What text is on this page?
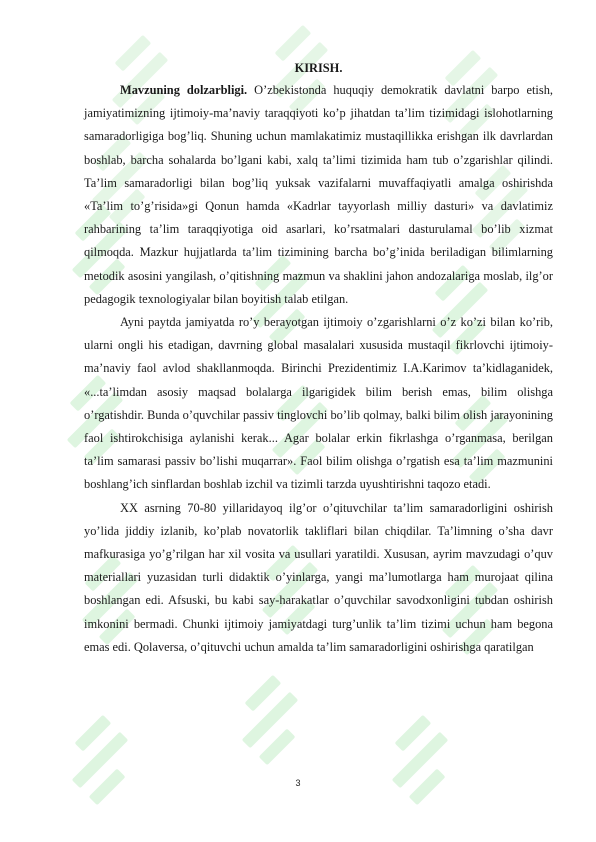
KIRISH.

Mavzuning dolzarbligi. O’zbekistonda huquqiy demokratik davlatni barpo etish, jamiyatimizning ijtimoiy-ma’naviy taraqqiyoti ko’p jihatdan ta’lim tizimidagi islohotlarning samaradorligiga bog’liq. Shuning uchun mamlakatimiz mustaqillikka erishgan ilk davrlardan boshlab, barcha sohalarda bo’lgani kabi, xalq ta’limi tizimida ham tub o’zgarishlar qilindi. Ta’lim samaradorligi bilan bog’liq yuksak vazifalarni muvaffaqiyatli amalga oshirishda «Ta’lim to’g’risida»gi Qonun hamda «Kadrlar tayyorlash milliy dasturi» va davlatimiz rahbarining ta’lim taraqqiyotiga oid asarlari, ko’rsatmalari dasturulamal bo’lib xizmat qilmoqda. Mazkur hujjatlarda ta’lim tizimining barcha bo’g’inida beriladigan bilimlarning metodik asosini yangilash, o’qitishning mazmun va shaklini jahon andozalariga moslab, ilg’or pedagogik texnologiyalar bilan boyitish talab etilgan.

Ayni paytda jamiyatda ro’y berayotgan ijtimoiy o’zgarishlarni o’z ko’zi bilan ko’rib, ularni ongli his etadigan, davrning global masalalari xususida mustaqil fikrlovchi ijtimoiy-ma’naviy faol avlod shakllanmoqda. Birinchi Prezidentimiz I.A.Karimov ta’kidlaganidek, «...ta’limdan asosiy maqsad bolalarga ilgarigidek bilim berish emas, bilim olishga o’rgatishdir. Bunda o’quvchilar passiv tinglovchi bo’lib qolmay, balki bilim olish jarayonining faol ishtirokchisiga aylanishi kerak... Agar bolalar erkin fikrlashga o’rganmasa, berilgan ta’lim samarasi passiv bo’lishi muqarrar». Faol bilim olishga o’rgatish esa ta’lim mazmunini boshlang’ich sinflardan boshlab izchil va tizimli tarzda uyushtirishni taqozo etadi.

XX asrning 70-80 yillaridayoq ilg’or o’qituvchilar ta’lim samaradorligini oshirish yo’lida jiddiy izlanib, ko’plab novatorlik takliflari bilan chiqdilar. Ta’limning o’sha davr mafkurasiga yo’g’rilgan har xil vosita va usullari yaratildi. Xususan, ayrim mavzudagi o’quv materiallari yuzasidan turli didaktik o’yinlarga, yangi ma’lumotlarga ham murojaat qilina boshlangan edi. Afsuski, bu kabi say-harakatlar o’quvchilar savodxonligini tubdan oshirish imkonini bermadi. Chunki ijtimoiy jamiyatdagi turg’unlik ta’lim tizimi uchun ham begona emas edi. Qolaversa, o’qituvchi uchun amalda ta’lim samaradorligini oshirishga qaratilgan

3
